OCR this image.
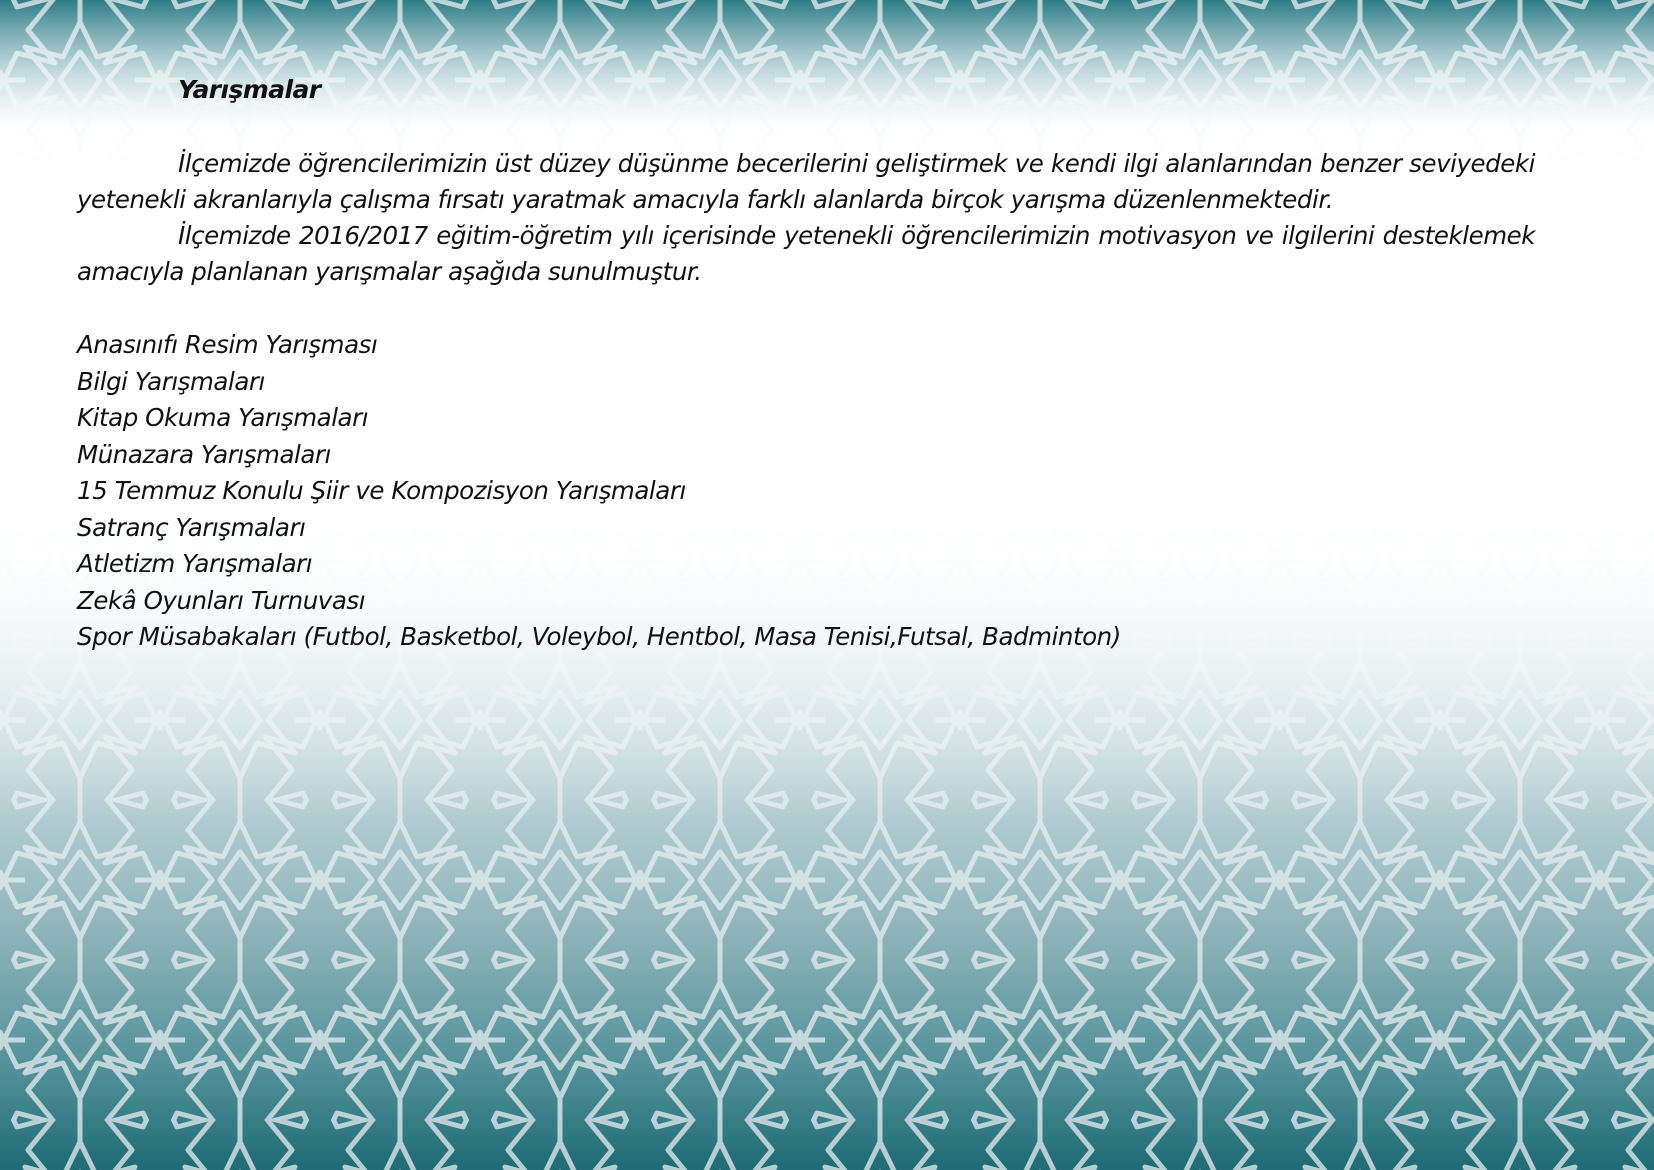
Yarışmalar

İlçemizde öğrencilerimizin üst düzey düşünme becerilerini geliştirmek ve kendi ilgi alanlarından benzer seviyedeki yetenekli akranlarıyla çalışma fırsatı yaratmak amacıyla farklı alanlarda birçok yarışma düzenlenmektedir.

İlçemizde 2016/2017 eğitim-öğretim yılı içerisinde yetenekli öğrencilerimizin motivasyon ve ilgilerini desteklemek amacıyla planlanan yarışmalar aşağıda sunulmuştur.

Anasınıfı Resim Yarışması
Bilgi Yarışmaları
Kitap Okuma Yarışmaları
Münazara Yarışmaları
15 Temmuz Konulu Şiir ve Kompozisyon Yarışmaları
Satranç Yarışmaları
Atletizm Yarışmaları
Zekâ Oyunları Turnuvası
Spor Müsabakaları (Futbol, Basketbol, Voleybol, Hentbol, Masa Tenisi,Futsal, Badminton)
